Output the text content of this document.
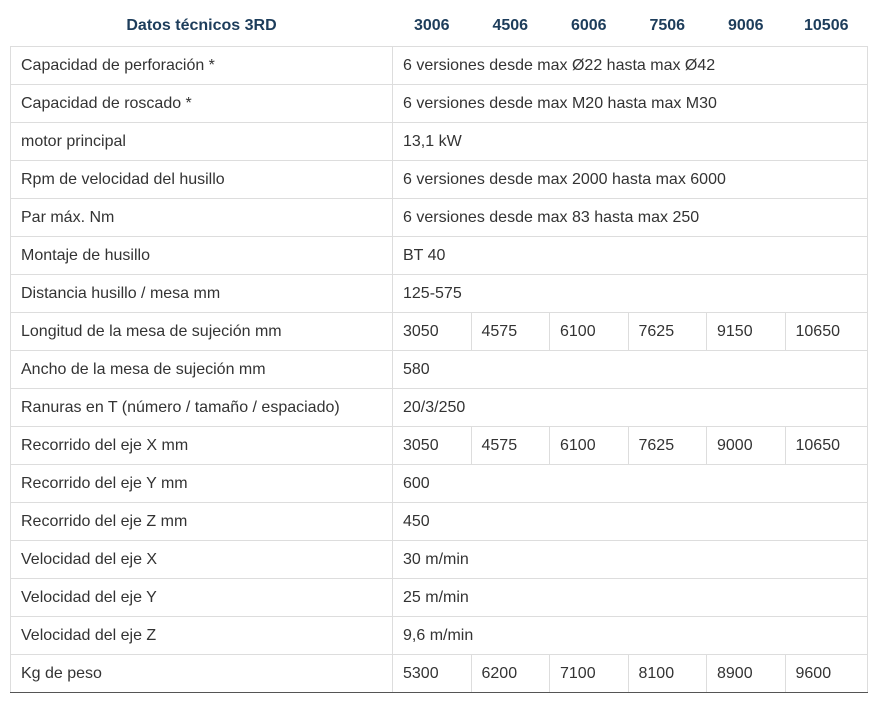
Datos técnicos 3RD	3006	4506	6006	7506	9006	10506
Capacidad de perforación *	6 versiones desde max Ø22 hasta max Ø42					
Capacidad de roscado *	6 versiones desde max M20 hasta max M30					
motor principal	13,1 kW					
Rpm de velocidad del husillo	6 versiones desde max 2000 hasta max 6000					
Par máx. Nm	6 versiones desde max 83 hasta max 250					
Montaje de husillo	BT 40					
Distancia husillo / mesa mm	125-575					
Longitud de la mesa de sujeción mm	3050	4575	6100	7625	9150	10650
Ancho de la mesa de sujeción mm	580					
Ranuras en T (número / tamaño / espaciado)	20/3/250					
Recorrido del eje X mm	3050	4575	6100	7625	9000	10650
Recorrido del eje Y mm	600					
Recorrido del eje Z mm	450					
Velocidad del eje X	30 m/min					
Velocidad del eje Y	25 m/min					
Velocidad del eje Z	9,6 m/min					
Kg de peso	5300	6200	7100	8100	8900	9600
